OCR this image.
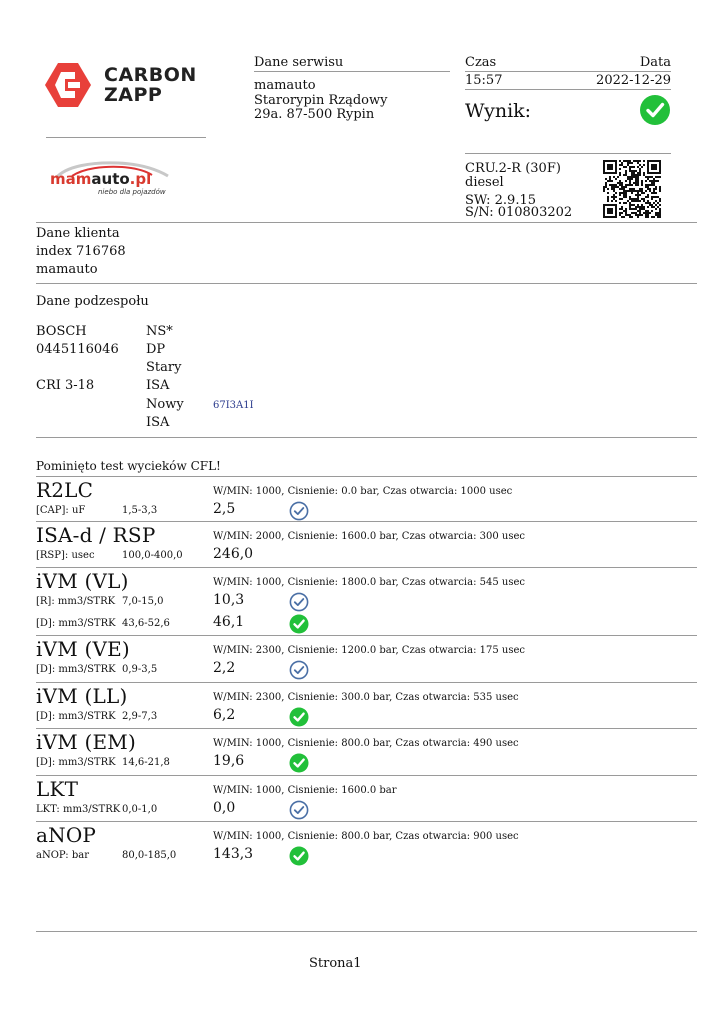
CARBON
ZAPP
mamauto.pl
niebo dla pojazdów
Dane serwisu
mamauto
Starorypin Rządowy
29a. 87-500 Rypin
Czas	Data
15:57	2022-12-29
Wynik:
CRU.2-R (30F)
diesel
SW: 2.9.15
S/N: 010803202
Dane klienta
index 716768
mamauto
Dane podzespołu
BOSCH
0445116046
CRI 3-18
NS*
DP
Stary
ISA
Nowy	67I3A1I
ISA
Pominięto test wycieków CFL!
R2LC	W/MIN: 1000, Cisnienie: 0.0 bar, Czas otwarcia: 1000 usec
[CAP]: uF	1,5-3,3	2,5
ISA-d / RSP	W/MIN: 2000, Cisnienie: 1600.0 bar, Czas otwarcia: 300 usec
[RSP]: usec	100,0-400,0 246,0
iVM (VL)	W/MIN: 1000, Cisnienie: 1800.0 bar, Czas otwarcia: 545 usec
[R]: mm3/STRK 7,0-15,0	10,3
[D]: mm3/STRK 43,6-52,6	46,1
iVM (VE)	W/MIN: 2300, Cisnienie: 1200.0 bar, Czas otwarcia: 175 usec
[D]: mm3/STRK 0,9-3,5	2,2
iVM (LL)	W/MIN: 2300, Cisnienie: 300.0 bar, Czas otwarcia: 535 usec
[D]: mm3/STRK 2,9-7,3	6,2
iVM (EM)	W/MIN: 1000, Cisnienie: 800.0 bar, Czas otwarcia: 490 usec
[D]: mm3/STRK 14,6-21,8	19,6
LKT	W/MIN: 1000, Cisnienie: 1600.0 bar
LKT: mm3/STRK 0,0-1,0	0,0
aNOP	W/MIN: 1000, Cisnienie: 800.0 bar, Czas otwarcia: 900 usec
aNOP: bar	80,0-185,0	143,3
Strona1
